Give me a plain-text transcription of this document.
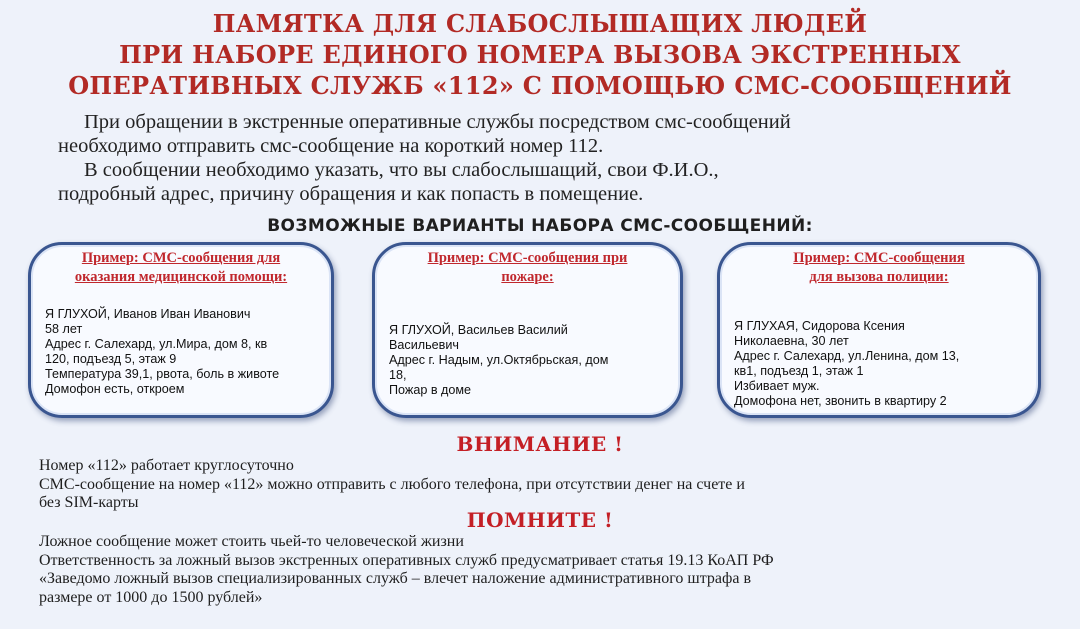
ПАМЯТКА ДЛЯ СЛАБОСЛЫШАЩИХ ЛЮДЕЙ
ПРИ НАБОРЕ ЕДИНОГО НОМЕРА ВЫЗОВА ЭКСТРЕННЫХ
ОПЕРАТИВНЫХ СЛУЖБ «112» С ПОМОЩЬЮ СМС-СООБЩЕНИЙ

При обращении в экстренные оперативные службы посредством смс-сообщений

необходимо отправить смс-сообщение на короткий номер 112.

В сообщении необходимо указать, что вы слабослышащий, свои Ф.И.О.,

подробный адрес, причину обращения и как попасть в помещение.

ВОЗМОЖНЫЕ ВАРИАНТЫ НАБОРА СМС-СООБЩЕНИЙ:
Пример: СМС-сообщения для
оказания медицинской помощи:
Я ГЛУХОЙ, Иванов Иван Иванович
58 лет
Адрес г. Салехард, ул.Мира, дом 8, кв
120, подъезд 5, этаж 9
Температура 39,1, рвота, боль в животе
Домофон есть, откроем
Пример: СМС-сообщения при
пожаре:
Я ГЛУХОЙ, Васильев Василий
Васильевич
Адрес г. Надым, ул.Октябрьская, дом
18,
Пожар в доме
Пример: СМС-сообщения
для вызова полиции:
Я ГЛУХАЯ, Сидорова Ксения
Николаевна, 30 лет
Адрес г. Салехард, ул.Ленина, дом 13,
кв1, подъезд 1, этаж 1
Избивает муж.
Домофона нет, звонить в квартиру 2
ВНИМАНИЕ !
Номер «112» работает круглосуточно
СМС-сообщение на номер «112» можно отправить с любого телефона, при отсутствии денег на счете и
без SIM-карты
ПОМНИТЕ !
Ложное сообщение может стоить чьей-то человеческой жизни
Ответственность за ложный вызов экстренных оперативных служб предусматривает статья 19.13 КоАП РФ
«Заведомо ложный вызов специализированных служб – влечет наложение административного штрафа в
размере от 1000 до 1500 рублей»
